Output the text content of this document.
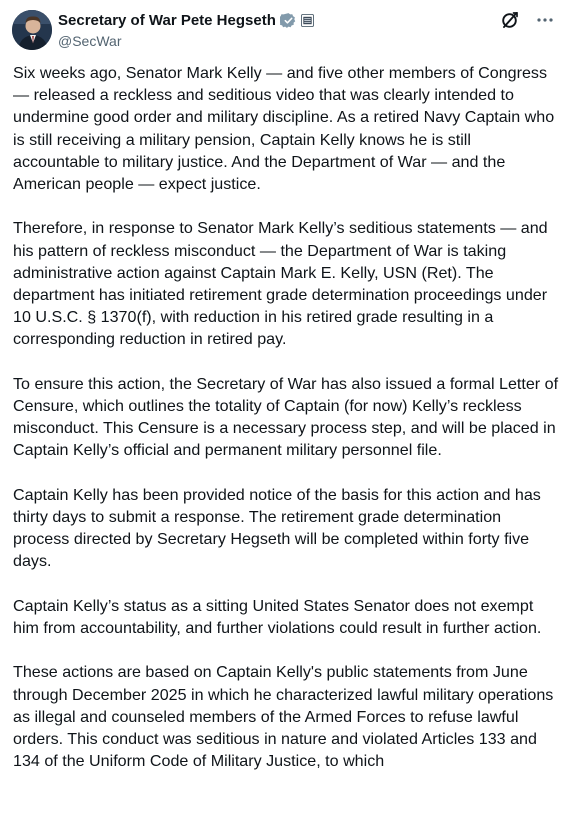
Secretary of War Pete Hegseth
@SecWar

Six weeks ago, Senator Mark Kelly — and five other members of Congress — released a reckless and seditious video that was clearly intended to undermine good order and military discipline. As a retired Navy Captain who is still receiving a military pension, Captain Kelly knows he is still accountable to military justice. And the Department of War — and the American people — expect justice.

Therefore, in response to Senator Mark Kelly’s seditious statements — and his pattern of reckless misconduct — the Department of War is taking administrative action against Captain Mark E. Kelly, USN (Ret). The department has initiated retirement grade determination proceedings under 10 U.S.C. § 1370(f), with reduction in his retired grade resulting in a corresponding reduction in retired pay.

To ensure this action, the Secretary of War has also issued a formal Letter of Censure, which outlines the totality of Captain (for now) Kelly’s reckless misconduct. This Censure is a necessary process step, and will be placed in Captain Kelly’s official and permanent military personnel file.

Captain Kelly has been provided notice of the basis for this action and has thirty days to submit a response. The retirement grade determination process directed by Secretary Hegseth will be completed within forty five days.

Captain Kelly’s status as a sitting United States Senator does not exempt him from accountability, and further violations could result in further action.

These actions are based on Captain Kelly's public statements from June through December 2025 in which he characterized lawful military operations as illegal and counseled members of the Armed Forces to refuse lawful orders. This conduct was seditious in nature and violated Articles 133 and 134 of the Uniform Code of Military Justice, to which
